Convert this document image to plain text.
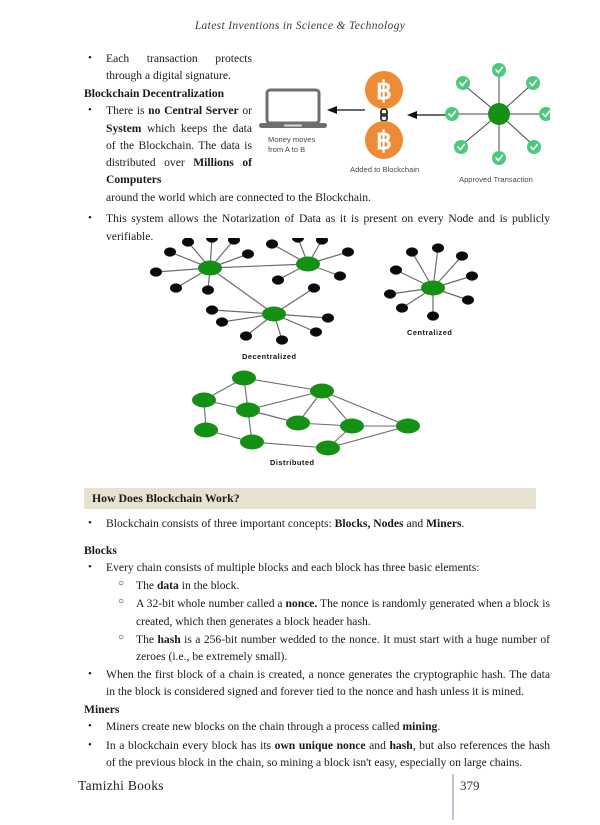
Latest Inventions in Science & Technology
Money moves
from A to B
฿
฿
Added to Blockchain
Approved Transaction
Decentralized
Centralized
Distributed
• Each transaction protects through a digital signature.
Blockchain Decentralization
• There is no Central Server or System which keeps the data of the Blockchain. The data is distributed over Millions of Computers
around the world which are connected to the Blockchain.
• This system allows the Notarization of Data as it is present on every Node and is publicly verifiable.
How Does Blockchain Work?
• Blockchain consists of three important concepts: Blocks, Nodes and Miners.
Blocks
• Every chain consists of multiple blocks and each block has three basic elements:
○ The data in the block.
○ A 32-bit whole number called a nonce. The nonce is randomly generated when a block is created, which then generates a block header hash.
○ The hash is a 256-bit number wedded to the nonce. It must start with a huge number of zeroes (i.e., be extremely small).
• When the first block of a chain is created, a nonce generates the cryptographic hash. The data in the block is considered signed and forever tied to the nonce and hash unless it is mined.
Miners
• Miners create new blocks on the chain through a process called mining.
• In a blockchain every block has its own unique nonce and hash, but also references the hash of the previous block in the chain, so mining a block isn't easy, especially on large chains.
Tamizhi Books	379
